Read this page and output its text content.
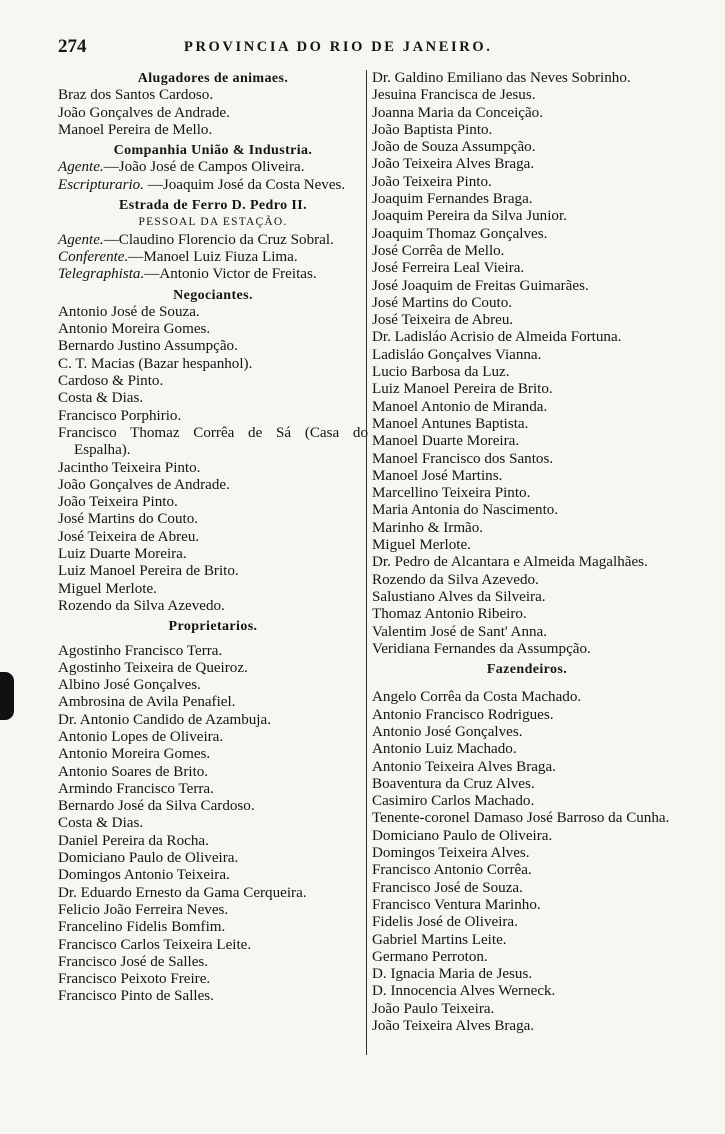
274	PROVINCIA DO RIO DE JANEIRO.
Alugadores de animaes.
Braz dos Santos Cardoso.
João Gonçalves de Andrade.
Manoel Pereira de Mello.
Companhia União & Industria.
Agente.—João José de Campos Oliveira.
Escripturario. —Joaquim José da Costa Neves.
Estrada de Ferro D. Pedro II.
PESSOAL DA ESTAÇÃO.
Agente.—Claudino Florencio da Cruz Sobral.
Conferente.—Manoel Luiz Fiuza Lima.
Telegraphista.—Antonio Victor de Freitas.
Negociantes.
Antonio José de Souza.
Antonio Moreira Gomes.
Bernardo Justino Assumpção.
C. T. Macias (Bazar hespanhol).
Cardoso & Pinto.
Costa & Dias.
Francisco Porphirio.
Francisco Thomaz Corrêa de Sá (Casa do Espalha).
Jacintho Teixeira Pinto.
João Gonçalves de Andrade.
João Teixeira Pinto.
José Martins do Couto.
José Teixeira de Abreu.
Luiz Duarte Moreira.
Luiz Manoel Pereira de Brito.
Miguel Merlote.
Rozendo da Silva Azevedo.
Proprietarios.
Agostinho Francisco Terra.
Agostinho Teixeira de Queiroz.
Albino José Gonçalves.
Ambrosina de Avila Penafiel.
Dr. Antonio Candido de Azambuja.
Antonio Lopes de Oliveira.
Antonio Moreira Gomes.
Antonio Soares de Brito.
Armindo Francisco Terra.
Bernardo José da Silva Cardoso.
Costa & Dias.
Daniel Pereira da Rocha.
Domiciano Paulo de Oliveira.
Domingos Antonio Teixeira.
Dr. Eduardo Ernesto da Gama Cerqueira.
Felicio João Ferreira Neves.
Francelino Fidelis Bomfim.
Francisco Carlos Teixeira Leite.
Francisco José de Salles.
Francisco Peixoto Freire.
Francisco Pinto de Salles.
Dr. Galdino Emiliano das Neves Sobrinho.
Jesuina Francisca de Jesus.
Joanna Maria da Conceição.
João Baptista Pinto.
João de Souza Assumpção.
João Teixeira Alves Braga.
João Teixeira Pinto.
Joaquim Fernandes Braga.
Joaquim Pereira da Silva Junior.
Joaquim Thomaz Gonçalves.
José Corrêa de Mello.
José Ferreira Leal Vieira.
José Joaquim de Freitas Guimarães.
José Martins do Couto.
José Teixeira de Abreu.
Dr. Ladisláo Acrisio de Almeida Fortuna.
Ladisláo Gonçalves Vianna.
Lucio Barbosa da Luz.
Luiz Manoel Pereira de Brito.
Manoel Antonio de Miranda.
Manoel Antunes Baptista.
Manoel Duarte Moreira.
Manoel Francisco dos Santos.
Manoel José Martins.
Marcellino Teixeira Pinto.
Maria Antonia do Nascimento.
Marinho & Irmão.
Miguel Merlote.
Dr. Pedro de Alcantara e Almeida Magalhães.
Rozendo da Silva Azevedo.
Salustiano Alves da Silveira.
Thomaz Antonio Ribeiro.
Valentim José de Sant' Anna.
Veridiana Fernandes da Assumpção.
Fazendeiros.
Angelo Corrêa da Costa Machado.
Antonio Francisco Rodrigues.
Antonio José Gonçalves.
Antonio Luiz Machado.
Antonio Teixeira Alves Braga.
Boaventura da Cruz Alves.
Casimiro Carlos Machado.
Tenente-coronel Damaso José Barroso da Cunha.
Domiciano Paulo de Oliveira.
Domingos Teixeira Alves.
Francisco Antonio Corrêa.
Francisco José de Souza.
Francisco Ventura Marinho.
Fidelis José de Oliveira.
Gabriel Martins Leite.
Germano Perroton.
D. Ignacia Maria de Jesus.
D. Innocencia Alves Werneck.
João Paulo Teixeira.
João Teixeira Alves Braga.
